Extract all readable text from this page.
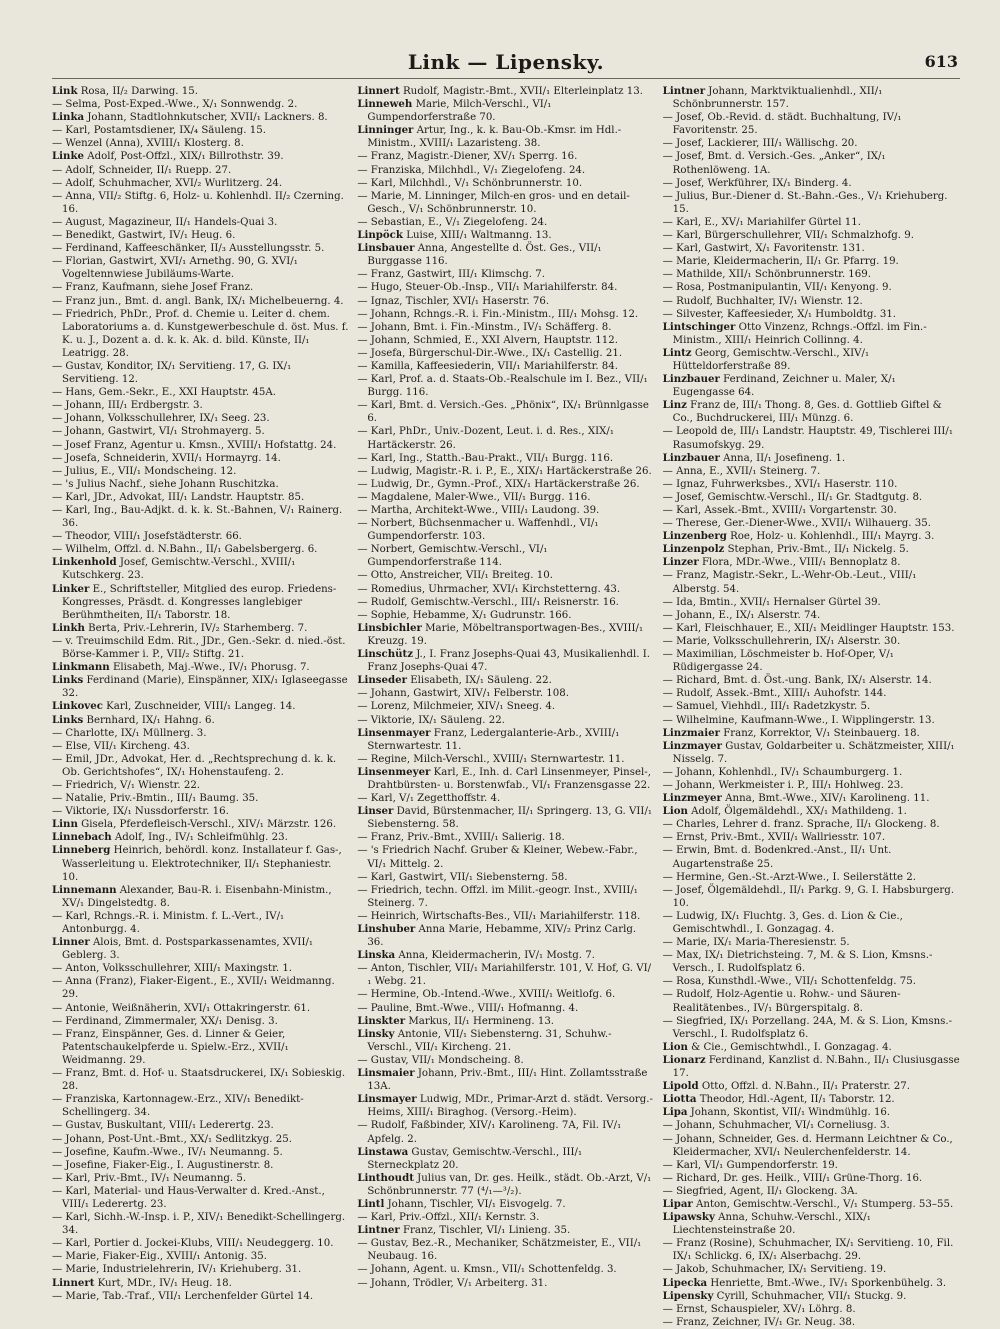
Link — Lipensky.	613
Link Rosa, II/₂ Darwing. 15.
— Selma, Post-Exped.-Wwe., X/₁ Sonnwendg. 2.
Linka Johann, Stadtlohnkutscher, XVII/₁ Lackners. 8.
— Karl, Postamtsdiener, IX/₄ Säuleng. 15.
— Wenzel (Anna), XVIII/₁ Klosterg. 8.
Linke Adolf, Post-Offzl., XIX/₁ Billrothstr. 39.
— Adolf, Schneider, II/₁ Ruepp. 27.
— Adolf, Schuhmacher, XVI/₂ Wurlitzerg. 24.
— Anna, VII/₂ Stiftg. 6, Holz- u. Kohlenhdl. II/₂ Czerning. 16.
— August, Magazineur, II/₁ Handels-Quai 3.
— Benedikt, Gastwirt, IV/₁ Heug. 6.
— Ferdinand, Kaffeeschänker, II/₃ Ausstellungsstr. 5.
— Florian, Gastwirt, XVI/₁ Arnethg. 90, G. XVI/₁ Vogeltennwiese Jubiläums-Warte.
— Franz, Kaufmann, siehe Josef Franz.
— Franz jun., Bmt. d. angl. Bank, IX/₁ Michelbeuerng. 4.
— Friedrich, PhDr., Prof. d. Chemie u. Leiter d. chem. Laboratoriums a. d. Kunstgewerbeschule d. öst. Mus. f. K. u. J., Dozent a. d. k. k. Ak. d. bild. Künste, II/₁ Leatrigg. 28.
— Gustav, Konditor, IX/₁ Servitieng. 17, G. IX/₁ Servitieng. 12.
— Hans, Gem.-Sekr., E., XXI Hauptstr. 45A.
— Johann, III/₁ Erdbergstr. 3.
— Johann, Volksschullehrer, IX/₁ Seeg. 23.
— Johann, Gastwirt, VI/₁ Strohmayerg. 5.
— Josef Franz, Agentur u. Kmsn., XVIII/₁ Hofstattg. 24.
— Josefa, Schneiderin, XVII/₁ Hormayrg. 14.
— Julius, E., VII/₁ Mondscheing. 12.
— 's Julius Nachf., siehe Johann Ruschitzka.
— Karl, JDr., Advokat, III/₁ Landstr. Hauptstr. 85.
— Karl, Ing., Bau-Adjkt. d. k. k. St.-Bahnen, V/₁ Rainerg. 36.
— Theodor, VIII/₁ Josefstädterstr. 66.
— Wilhelm, Offzl. d. N.Bahn., II/₁ Gabelsbergerg. 6.
Linkenhold Josef, Gemischtw.-Verschl., XVIII/₁ Kutschkerg. 23.
Linker E., Schriftsteller, Mitglied des europ. Friedens-Kongresses, Präsdt. d. Kongresses langlebiger Berühmtheiten, II/₁ Taborstr. 18.
Linkh Berta, Priv.-Lehrerin, IV/₂ Starhemberg. 7.
— v. Treuimschild Edm. Rit., JDr., Gen.-Sekr. d. nied.-öst. Börse-Kammer i. P., VII/₂ Stiftg. 21.
Linkmann Elisabeth, Maj.-Wwe., IV/₁ Phorusg. 7.
Links Ferdinand (Marie), Einspänner, XIX/₁ Iglaseegasse 32.
Linkovec Karl, Zuschneider, VIII/₁ Langeg. 14.
Links Bernhard, IX/₁ Hahng. 6.
— Charlotte, IX/₁ Müllnerg. 3.
— Else, VII/₁ Kircheng. 43.
— Emil, JDr., Advokat, Her. d. „Rechtsprechung d. k. k. Ob. Gerichtshofes“, IX/₁ Hohenstaufeng. 2.
— Friedrich, V/₁ Wienstr. 22.
— Natalie, Priv.-Bmtin., III/₁ Baumg. 35.
— Viktorie, IX/₁ Nussdorferstr. 16.
Linn Gisela, Pferdefleisch-Verschl., XIV/₁ Märzstr. 126.
Linnebach Adolf, Ing., IV/₁ Schleifmühlg. 23.
Linneberg Heinrich, behördl. konz. Installateur f. Gas-, Wasserleitung u. Elektrotechniker, II/₁ Stephaniestr. 10.
Linnemann Alexander, Bau-R. i. Eisenbahn-Ministm., XV/₁ Dingelstedtg. 8.
— Karl, Rchngs.-R. i. Ministm. f. L.-Vert., IV/₁ Antonburgg. 4.
Linner Alois, Bmt. d. Postsparkassenamtes, XVII/₁ Geblerg. 3.
— Anton, Volksschullehrer, XIII/₁ Maxingstr. 1.
— Anna (Franz), Fiaker-Eigent., E., XVII/₁ Weidmanng. 29.
— Antonie, Weißnäherin, XVI/₁ Ottakringerstr. 61.
— Ferdinand, Zimmermaler, XX/₁ Denisg. 3.
— Franz, Einspänner, Ges. d. Linner & Geier, Patentschaukelpferde u. Spielw.-Erz., XVII/₁ Weidmanng. 29.
— Franz, Bmt. d. Hof- u. Staatsdruckerei, IX/₁ Sobieskig. 28.
— Franziska, Kartonnagew.-Erz., XIV/₁ Benedikt-Schellingerg. 34.
— Gustav, Buskultant, VIII/₁ Lederertg. 23.
— Johann, Post-Unt.-Bmt., XX/₁ Sedlitzkyg. 25.
— Josefine, Kaufm.-Wwe., IV/₁ Neumanng. 5.
— Josefine, Fiaker-Eig., I. Augustinerstr. 8.
— Karl, Priv.-Bmt., IV/₁ Neumanng. 5.
— Karl, Material- und Haus-Verwalter d. Kred.-Anst., VIII/₁ Lederertg. 23.
— Karl, Sichh.-W.-Insp. i. P., XIV/₁ Benedikt-Schellingerg. 34.
— Karl, Portier d. Jockei-Klubs, VIII/₁ Neudeggerg. 10.
— Marie, Fiaker-Eig., XVIII/₁ Antonig. 35.
— Marie, Industrielehrerin, IV/₁ Kriehuberg. 31.
Linnert Kurt, MDr., IV/₁ Heug. 18.
— Marie, Tab.-Traf., VII/₁ Lerchenfelder Gürtel 14.
Linnert Rudolf, Magistr.-Bmt., XVII/₁ Elterleinplatz 13.
Linneweh Marie, Milch-Verschl., VI/₁ Gumpendorferstraße 70.
Linninger Artur, Ing., k. k. Bau-Ob.-Kmsr. im Hdl.-Ministm., XVIII/₁ Lazaristeng. 38.
— Franz, Magistr.-Diener, XV/₁ Sperrg. 16.
— Franziska, Milchhdl., V/₁ Ziegelofeng. 24.
— Karl, Milchhdl., V/₁ Schönbrunnerstr. 10.
— Marie, M. Linninger, Milch-en gros- und en detail-Gesch., V/₁ Schönbrunnerstr. 10.
— Sebastian, E., V/₁ Ziegelofeng. 24.
Linpöck Luise, XIII/₁ Waltmanng. 13.
Linsbauer Anna, Angestellte d. Öst. Ges., VII/₁ Burggasse 116.
— Franz, Gastwirt, III/₁ Klimschg. 7.
— Hugo, Steuer-Ob.-Insp., VII/₁ Mariahilferstr. 84.
— Ignaz, Tischler, XVI/₁ Haserstr. 76.
— Johann, Rchngs.-R. i. Fin.-Ministm., III/₁ Mohsg. 12.
— Johann, Bmt. i. Fin.-Minstm., IV/₁ Schäfferg. 8.
— Johann, Schmied, E., XXI Alvern, Hauptstr. 112.
— Josefa, Bürgerschul-Dir.-Wwe., IX/₁ Castellig. 21.
— Kamilla, Kaffeesiederin, VII/₁ Mariahilferstr. 84.
— Karl, Prof. a. d. Staats-Ob.-Realschule im I. Bez., VII/₁ Burgg. 116.
— Karl, Bmt. d. Versich.-Ges. „Phönix“, IX/₁ Brünnlgasse 6.
— Karl, PhDr., Univ.-Dozent, Leut. i. d. Res., XIX/₁ Hartäckerstr. 26.
— Karl, Ing., Statth.-Bau-Prakt., VII/₁ Burgg. 116.
— Ludwig, Magistr.-R. i. P., E., XIX/₁ Hartäckerstraße 26.
— Ludwig, Dr., Gymn.-Prof., XIX/₁ Hartäckerstraße 26.
— Magdalene, Maler-Wwe., VII/₁ Burgg. 116.
— Martha, Architekt-Wwe., VIII/₁ Laudong. 39.
— Norbert, Büchsenmacher u. Waffenhdl., VI/₁ Gumpendorferstr. 103.
— Norbert, Gemischtw.-Verschl., VI/₁ Gumpendorferstraße 114.
— Otto, Anstreicher, VII/₁ Breiteg. 10.
— Romedius, Uhrmacher, XVI/₁ Kirchstetterng. 43.
— Rudolf, Gemischtw.-Verschl., III/₁ Reisnerstr. 16.
— Sophie, Hebamme, X/₁ Gudrunstr. 166.
Linsbichler Marie, Möbeltransportwagen-Bes., XVIII/₁ Kreuzg. 19.
Linschütz J., I. Franz Josephs-Quai 43, Musikalienhdl. I. Franz Josephs-Quai 47.
Linseder Elisabeth, IX/₁ Säuleng. 22.
— Johann, Gastwirt, XIV/₁ Felberstr. 108.
— Lorenz, Milchmeier, XIV/₁ Sneeg. 4.
— Viktorie, IX/₁ Säuleng. 22.
Linsenmayer Franz, Ledergalanterie-Arb., XVIII/₁ Sternwartestr. 11.
— Regine, Milch-Verschl., XVIII/₁ Sternwartestr. 11.
Linsenmeyer Karl, E., Inh. d. Carl Linsenmeyer, Pinsel-, Drahtbürsten- u. Borstenwfab., VI/₁ Franzensgasse 22.
— Karl, V/₁ Zegetthoffstr. 4.
Linser David, Bürstenmacher, II/₁ Springerg. 13, G. VII/₁ Siebensterng. 58.
— Franz, Priv.-Bmt., XVIII/₁ Salierig. 18.
— 's Friedrich Nachf. Gruber & Kleiner, Webew.-Fabr., VI/₁ Mittelg. 2.
— Karl, Gastwirt, VII/₁ Siebensterng. 58.
— Friedrich, techn. Offzl. im Milit.-geogr. Inst., XVIII/₁ Steinerg. 7.
— Heinrich, Wirtschafts-Bes., VII/₁ Mariahilferstr. 118.
Linshuber Anna Marie, Hebamme, XIV/₂ Prinz Carlg. 36.
Linska Anna, Kleidermacherin, IV/₁ Mostg. 7.
— Anton, Tischler, VII/₁ Mariahilferstr. 101, V. Hof, G. VI/₁ Webg. 21.
— Hermine, Ob.-Intend.-Wwe., XVIII/₁ Weitlofg. 6.
— Pauline, Bmt.-Wwe., VIII/₁ Hofmanng. 4.
Linskter Markus, II/₁ Hermineng. 13.
Linsky Antonie, VII/₁ Siebensterng. 31, Schuhw.-Verschl., VII/₁ Kircheng. 21.
— Gustav, VII/₁ Mondscheing. 8.
Linsmaier Johann, Priv.-Bmt., III/₁ Hint. Zollamtsstraße 13A.
Linsmayer Ludwig, MDr., Primar-Arzt d. städt. Versorg.-Heims, XIII/₁ Biraghog. (Versorg.-Heim).
— Rudolf, Faßbinder, XIV/₁ Karolineng. 7A, Fil. IV/₁ Apfelg. 2.
Linstawa Gustav, Gemischtw.-Verschl., III/₁ Sterneckplatz 20.
Linthoudt Julius van, Dr. ges. Heilk., städt. Ob.-Arzt, V/₁ Schönbrunnerstr. 77 (⁴/₁—³/₂).
Lintl Johann, Tischler, VI/₁ Eisvogelg. 7.
— Karl, Priv.-Offzl., XII/₁ Kernstr. 3.
Lintner Franz, Tischler, VI/₁ Linieng. 35.
— Gustav, Bez.-R., Mechaniker, Schätzmeister, E., VII/₁ Neubaug. 16.
— Johann, Agent. u. Kmsn., VII/₁ Schottenfeldg. 3.
— Johann, Trödler, V/₁ Arbeiterg. 31.
Lintner Johann, Marktviktualienhdl., XII/₁ Schönbrunnerstr. 157.
— Josef, Ob.-Revid. d. städt. Buchhaltung, IV/₁ Favoritenstr. 25.
— Josef, Lackierer, III/₁ Wällischg. 20.
— Josef, Bmt. d. Versich.-Ges. „Anker“, IX/₁ Rothenlöweng. 1A.
— Josef, Werkführer, IX/₁ Binderg. 4.
— Julius, Bur.-Diener d. St.-Bahn.-Ges., V/₁ Kriehuberg. 15.
— Karl, E., XV/₁ Mariahilfer Gürtel 11.
— Karl, Bürgerschullehrer, VII/₁ Schmalzhofg. 9.
— Karl, Gastwirt, X/₁ Favoritenstr. 131.
— Marie, Kleidermacherin, II/₁ Gr. Pfarrg. 19.
— Mathilde, XII/₁ Schönbrunnerstr. 169.
— Rosa, Postmanipulantin, VII/₁ Kenyong. 9.
— Rudolf, Buchhalter, IV/₁ Wienstr. 12.
— Silvester, Kaffeesieder, X/₁ Humboldtg. 31.
Lintschinger Otto Vinzenz, Rchngs.-Offzl. im Fin.-Ministm., XIII/₁ Heinrich Collinng. 4.
Lintz Georg, Gemischtw.-Verschl., XIV/₁ Hütteldorferstraße 89.
Linzbauer Ferdinand, Zeichner u. Maler, X/₁ Eugengasse 64.
Linz Franz de, III/₁ Thong. 8, Ges. d. Gottlieb Giftel & Co., Buchdruckerei, III/₁ Münzg. 6.
— Leopold de, III/₁ Landstr. Hauptstr. 49, Tischlerei III/₁ Rasumofskyg. 29.
Linzbauer Anna, II/₁ Josefineng. 1.
— Anna, E., XVII/₁ Steinerg. 7.
— Ignaz, Fuhrwerksbes., XVI/₁ Haserstr. 110.
— Josef, Gemischtw.-Verschl., II/₁ Gr. Stadtgutg. 8.
— Karl, Assek.-Bmt., XVIII/₁ Vorgartenstr. 30.
— Therese, Ger.-Diener-Wwe., XVII/₁ Wilhauerg. 35.
Linzenberg Roe, Holz- u. Kohlenhdl., III/₁ Mayrg. 3.
Linzenpolz Stephan, Priv.-Bmt., II/₁ Nickelg. 5.
Linzer Flora, MDr.-Wwe., VIII/₁ Bennoplatz 8.
— Franz, Magistr.-Sekr., L.-Wehr-Ob.-Leut., VIII/₁ Alberstg. 54.
— Ida, Bmtin., XVII/₁ Hernalser Gürtel 39.
— Johann, E., IX/₁ Alserstr. 74.
— Karl, Fleischhauer, E., XII/₁ Meidlinger Hauptstr. 153.
— Marie, Volksschullehrerin, IX/₁ Alserstr. 30.
— Maximilian, Löschmeister b. Hof-Oper, V/₁ Rüdigergasse 24.
— Richard, Bmt. d. Öst.-ung. Bank, IX/₁ Alserstr. 14.
— Rudolf, Assek.-Bmt., XIII/₁ Auhofstr. 144.
— Samuel, Viehhdl., III/₁ Radetzkystr. 5.
— Wilhelmine, Kaufmann-Wwe., I. Wipplingerstr. 13.
Linzmaier Franz, Korrektor, V/₁ Steinbauerg. 18.
Linzmayer Gustav, Goldarbeiter u. Schätzmeister, XIII/₁ Nisselg. 7.
— Johann, Kohlenhdl., IV/₁ Schaumburgerg. 1.
— Johann, Werkmeister i. P., III/₁ Hohlweg. 23.
Linzmeyer Anna, Bmt.-Wwe., XIV/₁ Karolineng. 11.
Lion Adolf, Ölgemäldehdl., XX/₁ Mathildeng. 1.
— Charles, Lehrer d. franz. Sprache, II/₁ Glockeng. 8.
— Ernst, Priv.-Bmt., XVII/₁ Wallriesstr. 107.
— Erwin, Bmt. d. Bodenkred.-Anst., II/₁ Unt. Augartenstraße 25.
— Hermine, Gen.-St.-Arzt-Wwe., I. Seilerstätte 2.
— Josef, Ölgemäldehdl., II/₁ Parkg. 9, G. I. Habsburgerg. 10.
— Ludwig, IX/₁ Fluchtg. 3, Ges. d. Lion & Cie., Gemischtwhdl., I. Gonzagag. 4.
— Marie, IX/₁ Maria-Theresienstr. 5.
— Max, IX/₁ Dietrichsteing. 7, M. & S. Lion, Kmsns.-Versch., I. Rudolfsplatz 6.
— Rosa, Kunsthdl.-Wwe., VII/₁ Schottenfeldg. 75.
— Rudolf, Holz-Agentie u. Rohw.- und Säuren-Realitätenbes., IV/₁ Bürgerspitalg. 8.
— Siegfried, IX/₁ Porzellang. 24A, M. & S. Lion, Kmsns.-Verschl., I. Rudolfsplatz 6.
Lion & Cie., Gemischtwhdl., I. Gonzagag. 4.
Lionarz Ferdinand, Kanzlist d. N.Bahn., II/₁ Clusiusgasse 17.
Lipold Otto, Offzl. d. N.Bahn., II/₁ Praterstr. 27.
Liotta Theodor, Hdl.-Agent, II/₁ Taborstr. 12.
Lipa Johann, Skontist, VII/₁ Windmühlg. 16.
— Johann, Schuhmacher, VI/₁ Corneliusg. 3.
— Johann, Schneider, Ges. d. Hermann Leichtner & Co., Kleidermacher, XVI/₁ Neulerchenfelderstr. 14.
— Karl, VI/₁ Gumpendorferstr. 19.
— Richard, Dr. ges. Heilk., VIII/₁ Grüne-Thorg. 16.
— Siegfried, Agent, II/₁ Glockeng. 3A.
Lipar Anton, Gemischtw.-Verschl., V/₁ Stumperg. 53–55.
Lipawsky Anna, Schuhw.-Verschl., XIX/₁ Liechtensteinstraße 20.
— Franz (Rosine), Schuhmacher, IX/₁ Servitieng. 10, Fil. IX/₁ Schlickg. 6, IX/₁ Alserbachg. 29.
— Jakob, Schuhmacher, IX/₁ Servitieng. 19.
Lipecka Henriette, Bmt.-Wwe., IV/₁ Sporkenbühelg. 3.
Lipensky Cyrill, Schuhmacher, VII/₁ Stuckg. 9.
— Ernst, Schauspieler, XV/₁ Löhrg. 8.
— Franz, Zeichner, IV/₁ Gr. Neug. 38.
